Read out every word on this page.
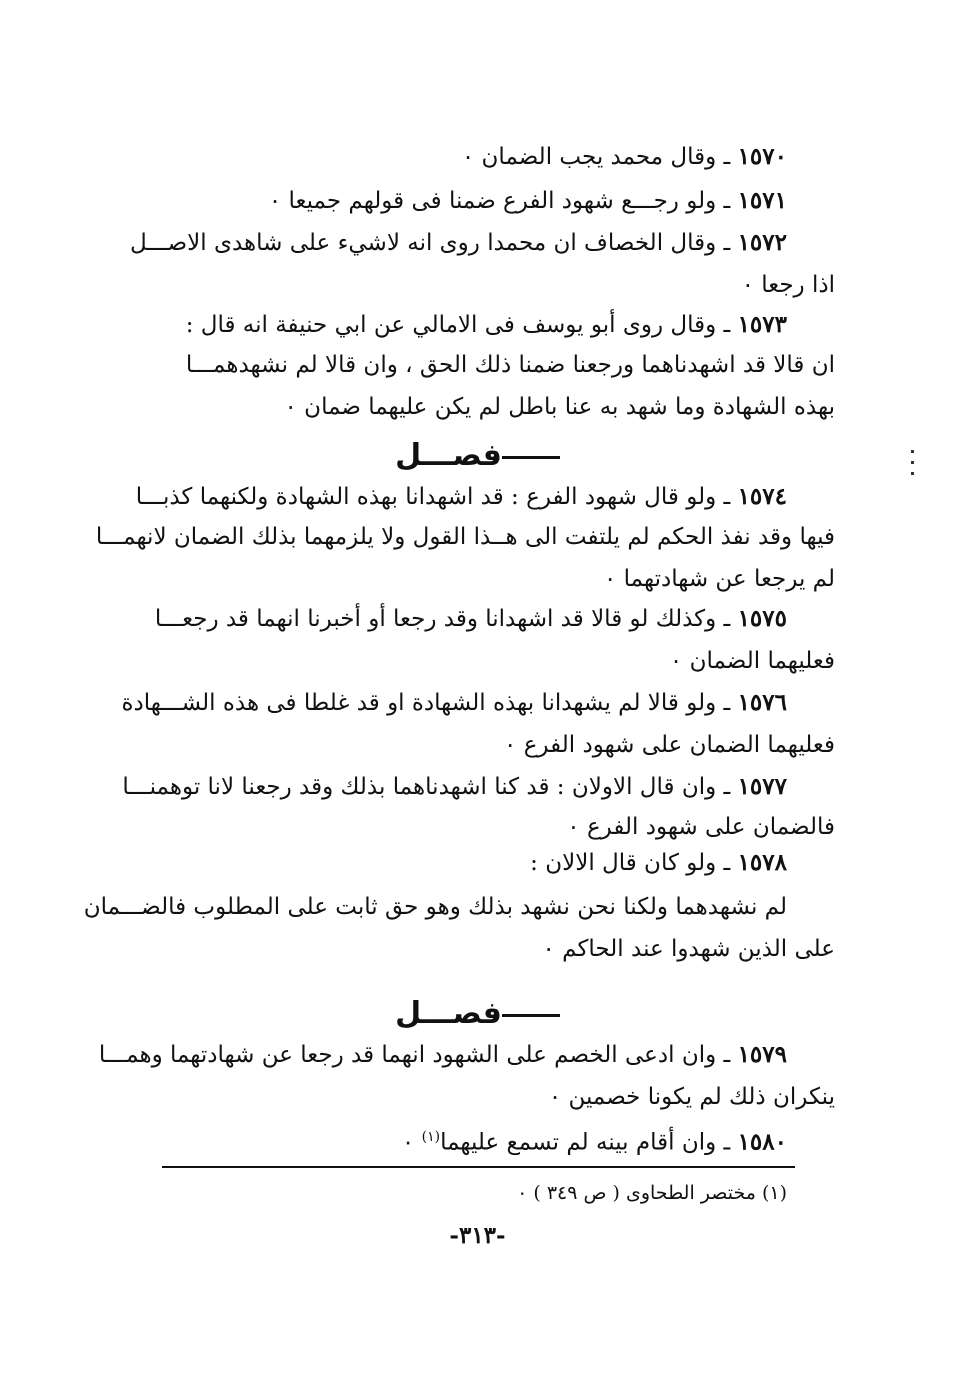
١٥٧٠ ـ وقال محمد يجب الضمان ٠
١٥٧١ ـ ولو رجـــع شهود الفرع ضمنا فى قولهم جميعا ٠
١٥٧٢ ـ وقال الخصاف ان محمدا روى انه لاشيء على شاهدى الاصـــل
اذا رجعا ٠
١٥٧٣ ـ وقال روى أبو يوسف فى الامالي عن ابي حنيفة انه قال :
ان قالا قد اشهدناهما ورجعنا ضمنا ذلك الحق ، وان قالا لم نشهدهمـــا
بهذه الشهادة وما شهد به عنا باطل لم يكن عليهما ضمان ٠
فصـــل
١٥٧٤ ـ ولو قال شهود الفرع : قد اشهدانا بهذه الشهادة ولكنهما كذبـــا
فيها وقد نفذ الحكم لم يلتفت الى هــذا القول ولا يلزمهما بذلك الضمان لانهمـــا
لم يرجعا عن شهادتهما ٠
١٥٧٥ ـ وكذلك لو قالا قد اشهدانا وقد رجعا أو أخبرنا انهما قد رجعـــا
فعليهما الضمان ٠
١٥٧٦ ـ ولو قالا لم يشهدانا بهذه الشهادة او قد غلطا فى هذه الشـــهادة
فعليهما الضمان على شهود الفرع ٠
١٥٧٧ ـ وان قال الاولان : قد كنا اشهدناهما بذلك وقد رجعنا لانا توهمنـــا
فالضمان على شهود الفرع ٠
١٥٧٨ ـ ولو كان قال الالان :
لم نشهدهما ولكنا نحن نشهد بذلك وهو حق ثابت على المطلوب فالضـــمان
على الذين شهدوا عند الحاكم ٠
فصـــل
١٥٧٩ ـ وان ادعى الخصم على الشهود انهما قد رجعا عن شهادتهما وهمـــا
ينكران ذلك لم يكونا خصمين ٠
١٥٨٠ ـ وان أقام بينه لم تسمع عليهما$^{(١)}$ ٠
(١) مختصر الطحاوى ( ص ٣٤٩ ) ٠
-٣١٣-
